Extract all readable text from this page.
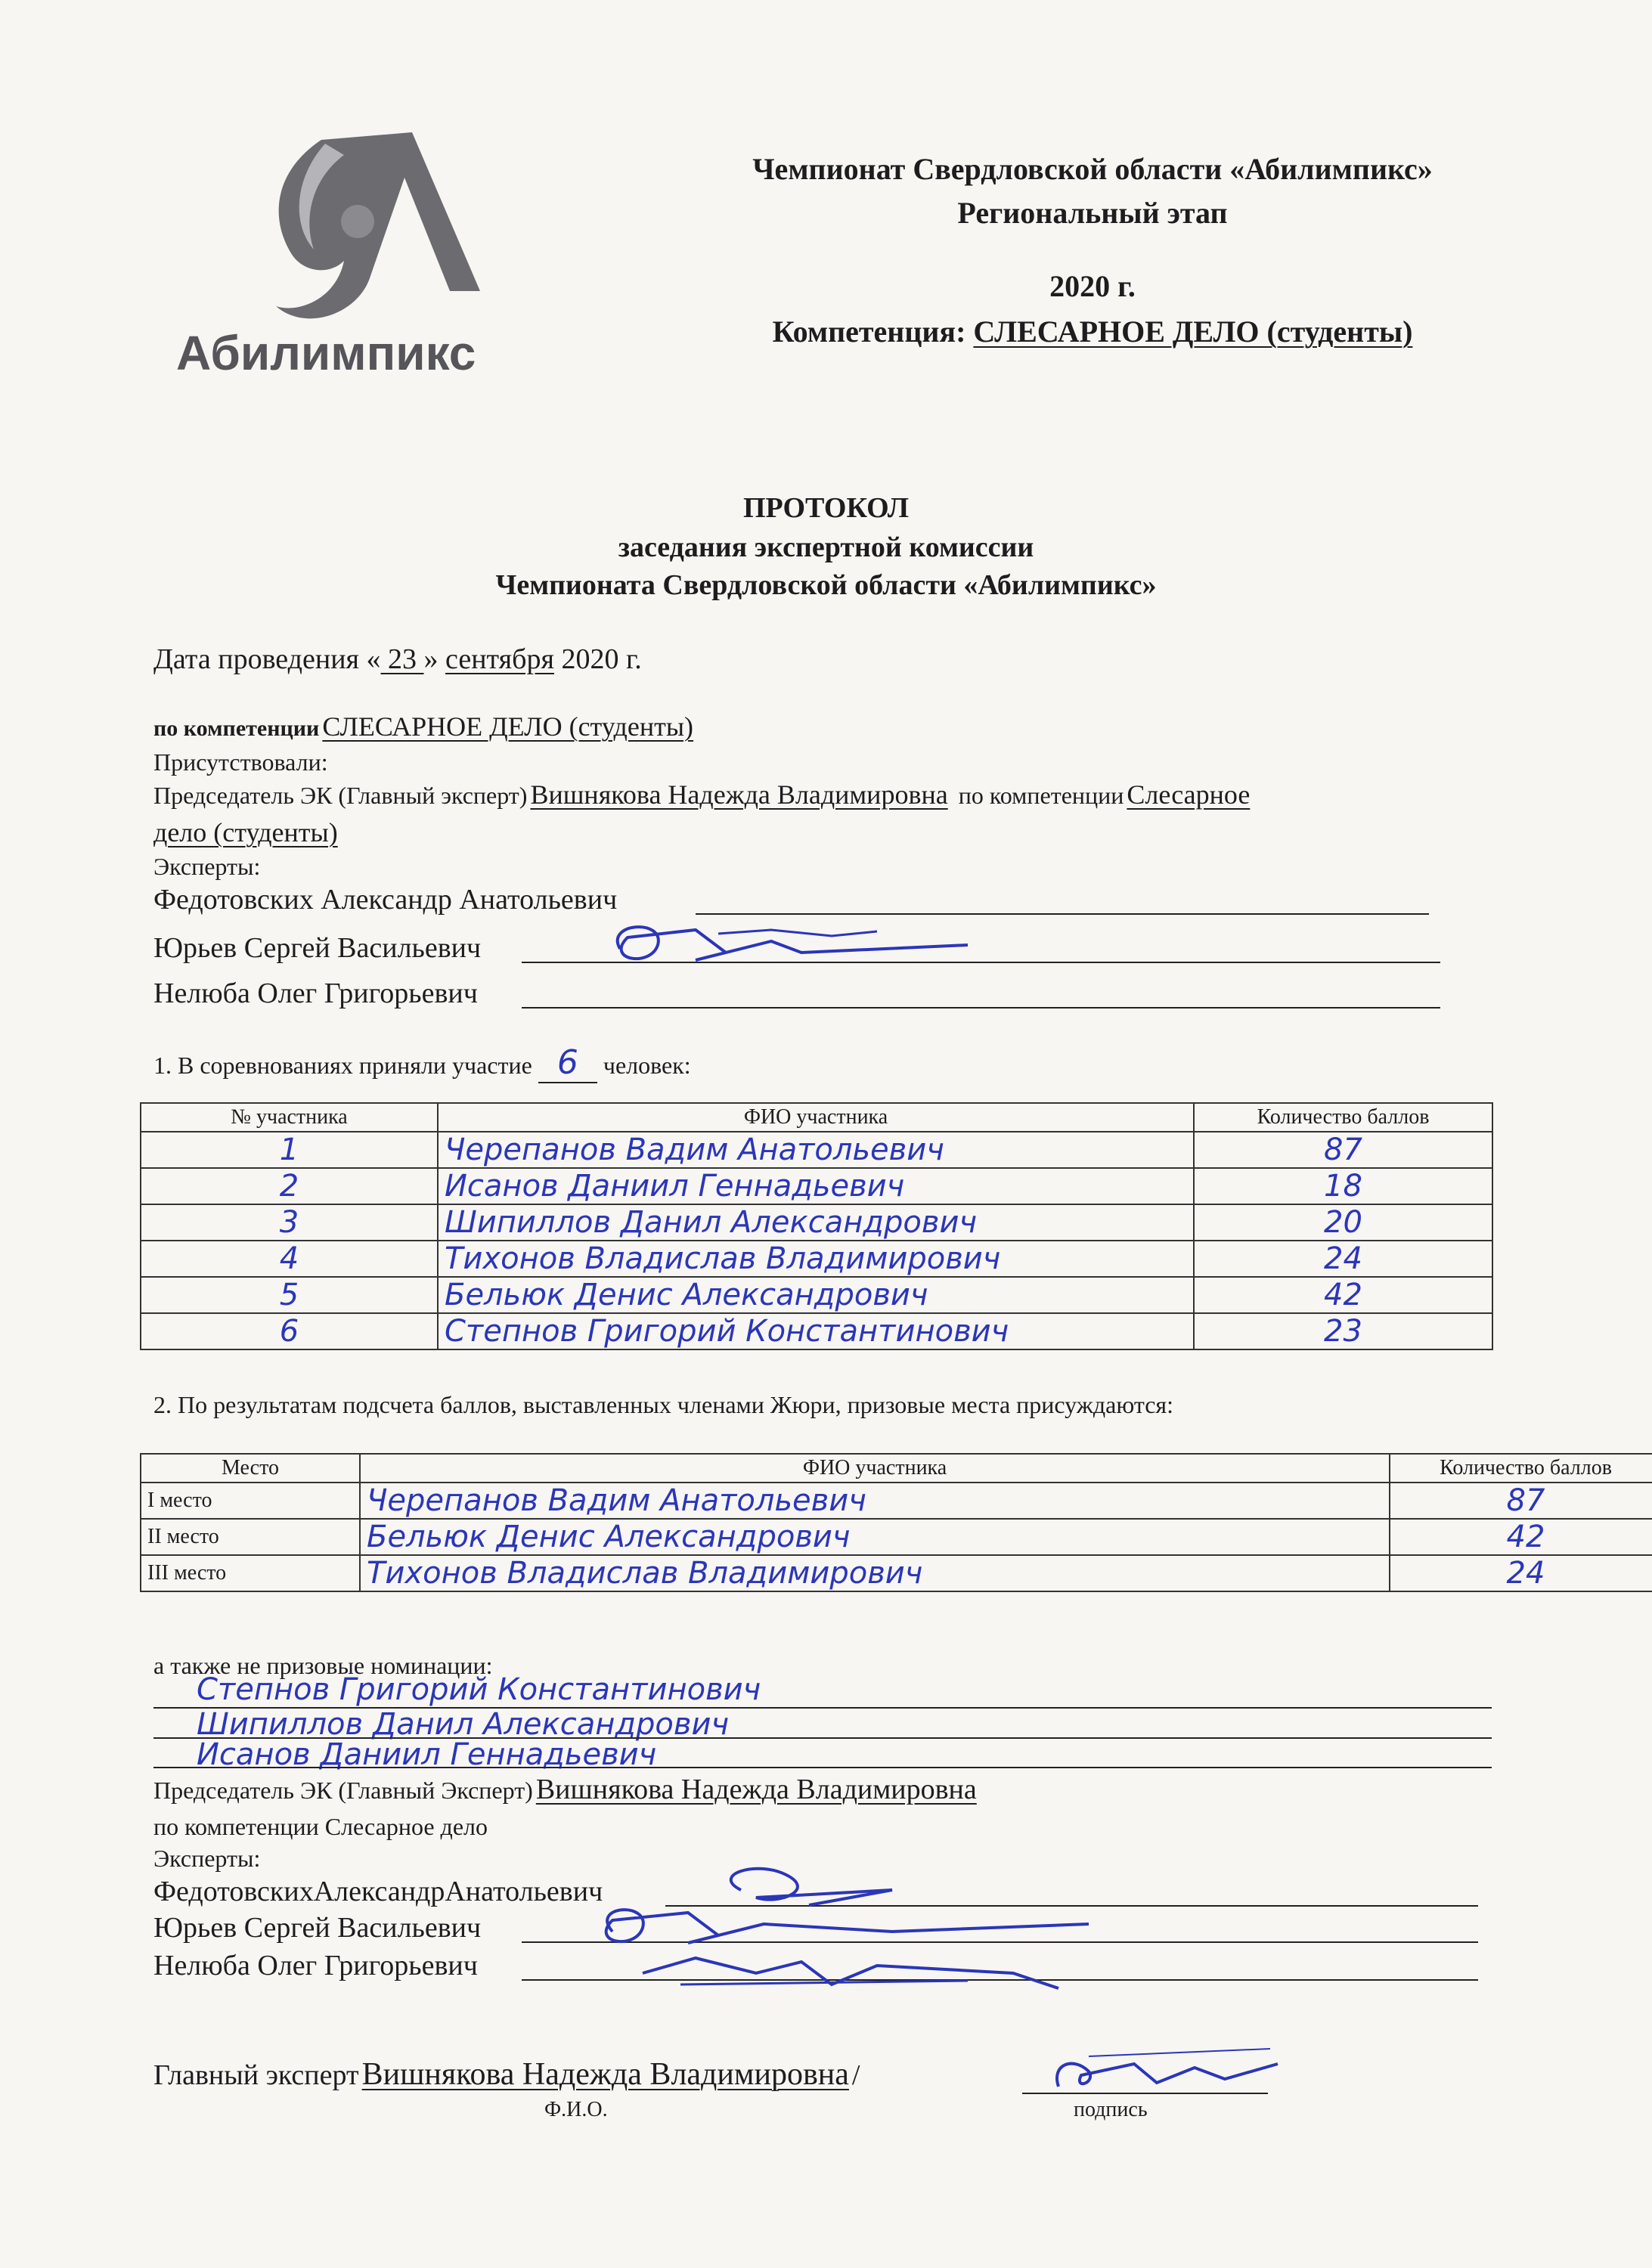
Абилимпикс
Чемпионат Свердловской области «Абилимпикс»
Региональный этап
2020 г.
Компетенция: СЛЕСАРНОЕ ДЕЛО (студенты)
ПРОТОКОЛ
заседания экспертной комиссии
Чемпионата Свердловской области «Абилимпикс»
Дата проведения « 23 » сентября 2020 г.
по компетенции СЛЕСАРНОЕ ДЕЛО (студенты)
Присутствовали:
Председатель ЭК (Главный эксперт) Вишнякова Надежда Владимировна по компетенции Слесарное
дело (студенты)
Эксперты:
Федотовских Александр Анатольевич
Юрьев Сергей Васильевич
Нелюба Олег Григорьевич
1. В соревнованиях приняли участие 6 человек:
№ участника	ФИО участника	Количество баллов
1	Черепанов Вадим Анатольевич	87
2	Исанов Даниил Геннадьевич	18
3	Шипиллов Данил Александрович	20
4	Тихонов Владислав Владимирович	24
5	Бельюк Денис Александрович	42
6	Степнов Григорий Константинович	23
2. По результатам подсчета баллов, выставленных членами Жюри, призовые места присуждаются:
Место	ФИО участника	Количество баллов
I место	Черепанов Вадим Анатольевич	87
II место	Бельюк Денис Александрович	42
III место	Тихонов Владислав Владимирович	24
а также не призовые номинации:
Степнов Григорий Константинович
Шипиллов Данил Александрович
Исанов Даниил Геннадьевич
Председатель ЭК (Главный Эксперт) Вишнякова Надежда Владимировна
по компетенции Слесарное дело
Эксперты:
ФедотовскихАлександрАнатольевич
Юрьев Сергей Васильевич
Нелюба Олег Григорьевич
Главный эксперт Вишнякова Надежда Владимировна /
Ф.И.О.	подпись
